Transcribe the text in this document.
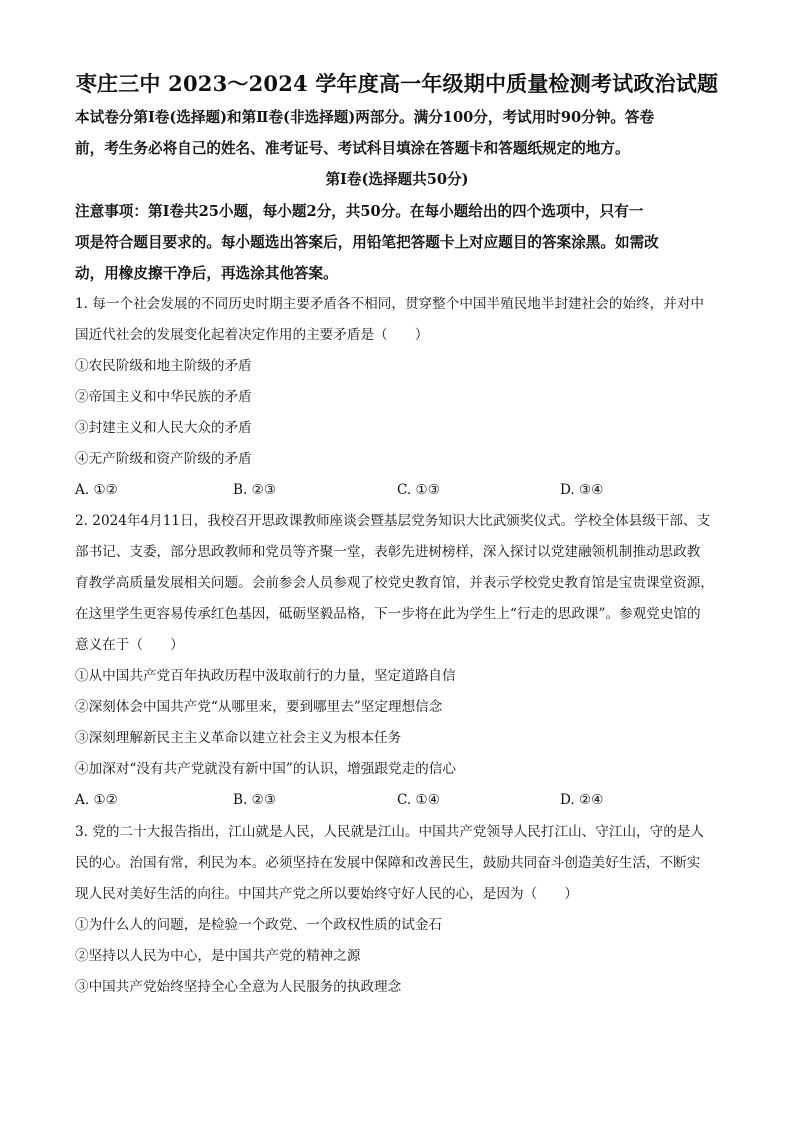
枣庄三中 2023～2024 学年度高一年级期中质量检测考试政治试题
本试卷分第Ⅰ卷(选择题)和第Ⅱ卷(非选择题)两部分。满分100分，考试用时90分钟。答卷
前，考生务必将自己的姓名、准考证号、考试科目填涂在答题卡和答题纸规定的地方。
第Ⅰ卷(选择题共50分)
注意事项：第Ⅰ卷共25小题，每小题2分，共50分。在每小题给出的四个选项中，只有一
项是符合题目要求的。每小题选出答案后，用铅笔把答题卡上对应题目的答案涂黑。如需改
动，用橡皮擦干净后，再选涂其他答案。
1. 每一个社会发展的不同历史时期主要矛盾各不相同，贯穿整个中国半殖民地半封建社会的始终，并对中
国近代社会的发展变化起着决定作用的主要矛盾是（　　）
①农民阶级和地主阶级的矛盾
②帝国主义和中华民族的矛盾
③封建主义和人民大众的矛盾
④无产阶级和资产阶级的矛盾
A. ①②	B. ②③	C. ①③	D. ③④
2. 2024年4月11日，我校召开思政课教师座谈会暨基层党务知识大比武颁奖仪式。学校全体县级干部、支
部书记、支委，部分思政教师和党员等齐聚一堂，表彰先进树榜样，深入探讨以党建融领机制推动思政教
育教学高质量发展相关问题。会前参会人员参观了校党史教育馆，并表示学校党史教育馆是宝贵课堂资源，
在这里学生更容易传承红色基因，砥砺坚毅品格，下一步将在此为学生上“行走的思政课”。参观党史馆的
意义在于（　　）
①从中国共产党百年执政历程中汲取前行的力量，坚定道路自信
②深刻体会中国共产党“从哪里来，要到哪里去”坚定理想信念
③深刻理解新民主主义革命以建立社会主义为根本任务
④加深对“没有共产党就没有新中国”的认识，增强跟党走的信心
A. ①②	B. ②③	C. ①④	D. ②④
3. 党的二十大报告指出，江山就是人民，人民就是江山。中国共产党领导人民打江山、守江山，守的是人
民的心。治国有常，利民为本。必须坚持在发展中保障和改善民生，鼓励共同奋斗创造美好生活，不断实
现人民对美好生活的向往。中国共产党之所以要始终守好人民的心，是因为（　　）
①为什么人的问题，是检验一个政党、一个政权性质的试金石
②坚持以人民为中心，是中国共产党的精神之源
③中国共产党始终坚持全心全意为人民服务的执政理念
